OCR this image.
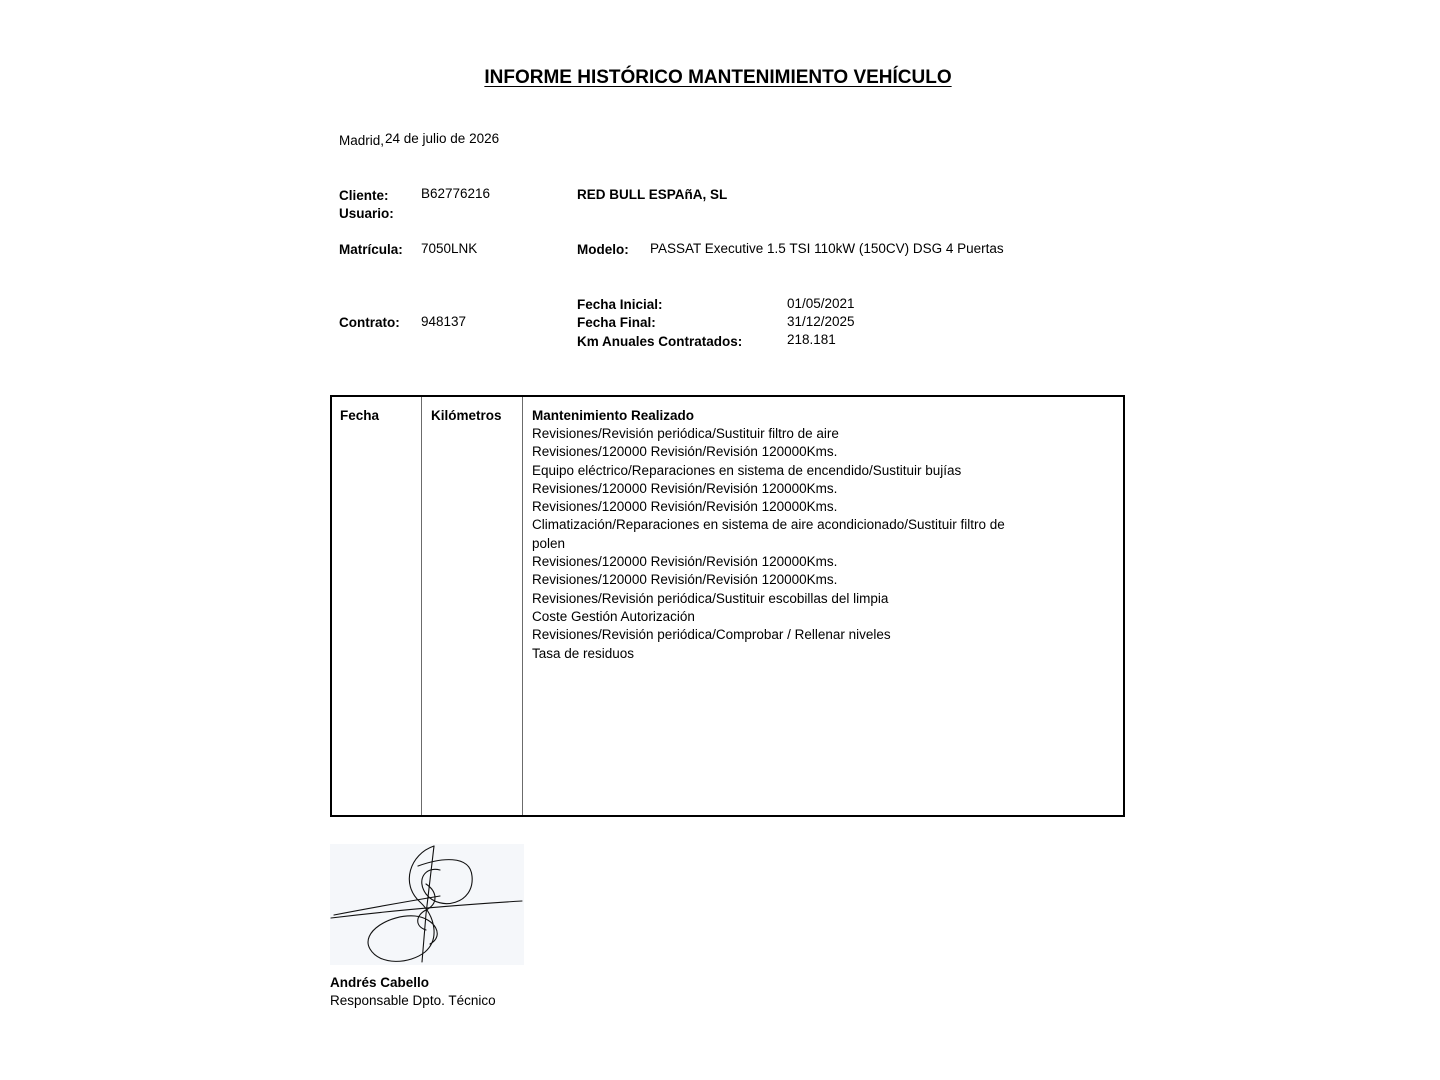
INFORME HISTÓRICO MANTENIMIENTO VEHÍCULO
Madrid, 24 de julio de 2026
Cliente: B62776216	RED BULL ESPAñA, SL
Usuario:
Matrícula: 7050LNK	Modelo: PASSAT Executive 1.5 TSI 110kW (150CV) DSG 4 Puertas
Contrato: 948137
Fecha Inicial:	01/05/2021
Fecha Final:	31/12/2025
Km Anuales Contratados:	218.181
Fecha	Kilómetros Mantenimiento Realizado
Revisiones/Revisión periódica/Sustituir filtro de aire
Revisiones/120000 Revisión/Revisión 120000Kms.
Equipo eléctrico/Reparaciones en sistema de encendido/Sustituir bujías
Revisiones/120000 Revisión/Revisión 120000Kms.
Revisiones/120000 Revisión/Revisión 120000Kms.
Climatización/Reparaciones en sistema de aire acondicionado/Sustituir filtro de
polen
Revisiones/120000 Revisión/Revisión 120000Kms.
Revisiones/120000 Revisión/Revisión 120000Kms.
Revisiones/Revisión periódica/Sustituir escobillas del limpia
Coste Gestión Autorización
Revisiones/Revisión periódica/Comprobar / Rellenar niveles
Tasa de residuos
Andrés Cabello
Responsable Dpto. Técnico
